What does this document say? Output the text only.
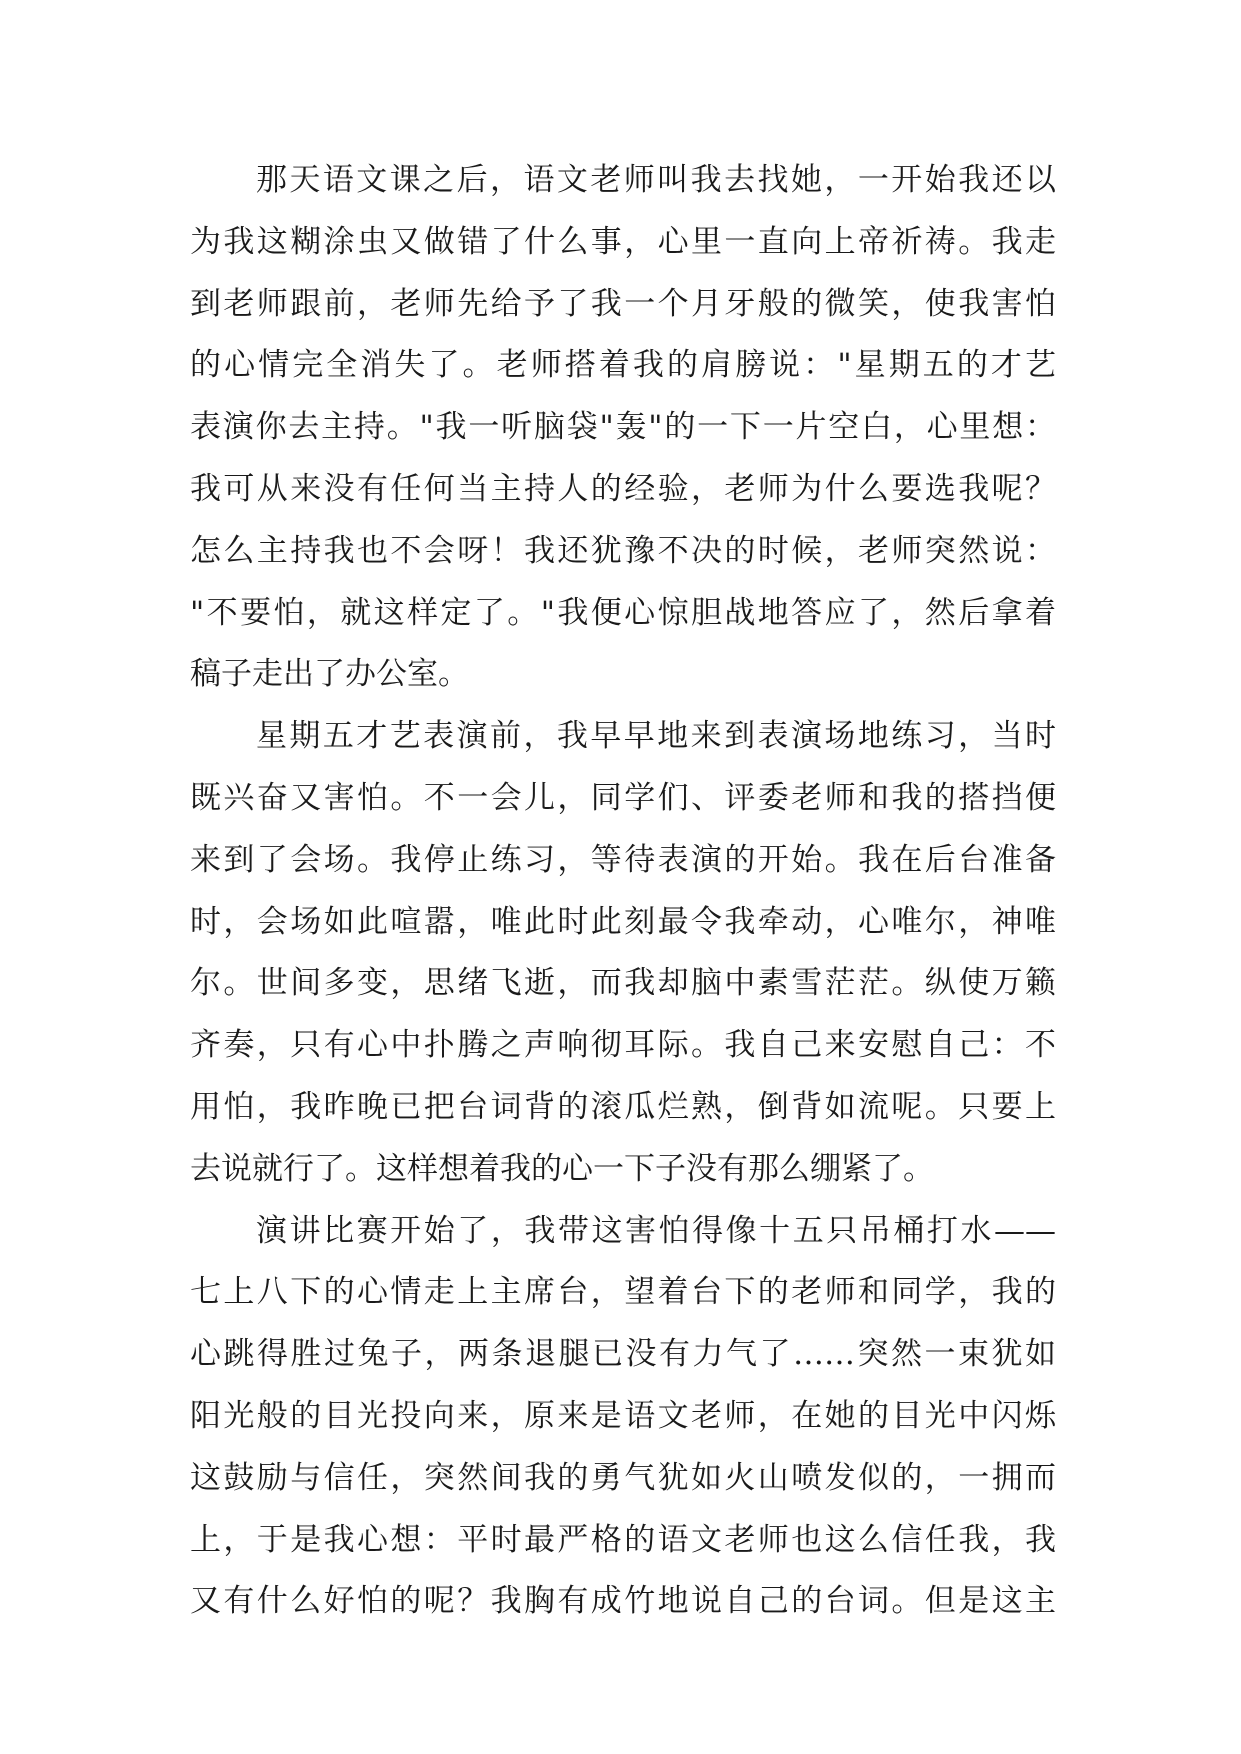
那天语文课之后，语文老师叫我去找她，一开始我还以
为我这糊涂虫又做错了什么事，心里一直向上帝祈祷。我走
到老师跟前，老师先给予了我一个月牙般的微笑，使我害怕
的心情完全消失了。老师搭着我的肩膀说："星期五的才艺
表演你去主持。"我一听脑袋"轰"的一下一片空白，心里想：
我可从来没有任何当主持人的经验，老师为什么要选我呢？
怎么主持我也不会呀！我还犹豫不决的时候，老师突然说：
"不要怕，就这样定了。"我便心惊胆战地答应了，然后拿着
稿子走出了办公室。
星期五才艺表演前，我早早地来到表演场地练习，当时
既兴奋又害怕。不一会儿，同学们、评委老师和我的搭挡便
来到了会场。我停止练习，等待表演的开始。我在后台准备
时，会场如此喧嚣，唯此时此刻最令我牵动，心唯尔，神唯
尔。世间多变，思绪飞逝，而我却脑中素雪茫茫。纵使万籁
齐奏，只有心中扑腾之声响彻耳际。我自己来安慰自己：不
用怕，我昨晚已把台词背的滚瓜烂熟，倒背如流呢。只要上
去说就行了。这样想着我的心一下子没有那么绷紧了。
演讲比赛开始了，我带这害怕得像十五只吊桶打水——
七上八下的心情走上主席台，望着台下的老师和同学，我的
心跳得胜过兔子，两条退腿已没有力气了……突然一束犹如
阳光般的目光投向来，原来是语文老师，在她的目光中闪烁
这鼓励与信任，突然间我的勇气犹如火山喷发似的，一拥而
上，于是我心想：平时最严格的语文老师也这么信任我，我
又有什么好怕的呢？我胸有成竹地说自己的台词。但是这主
